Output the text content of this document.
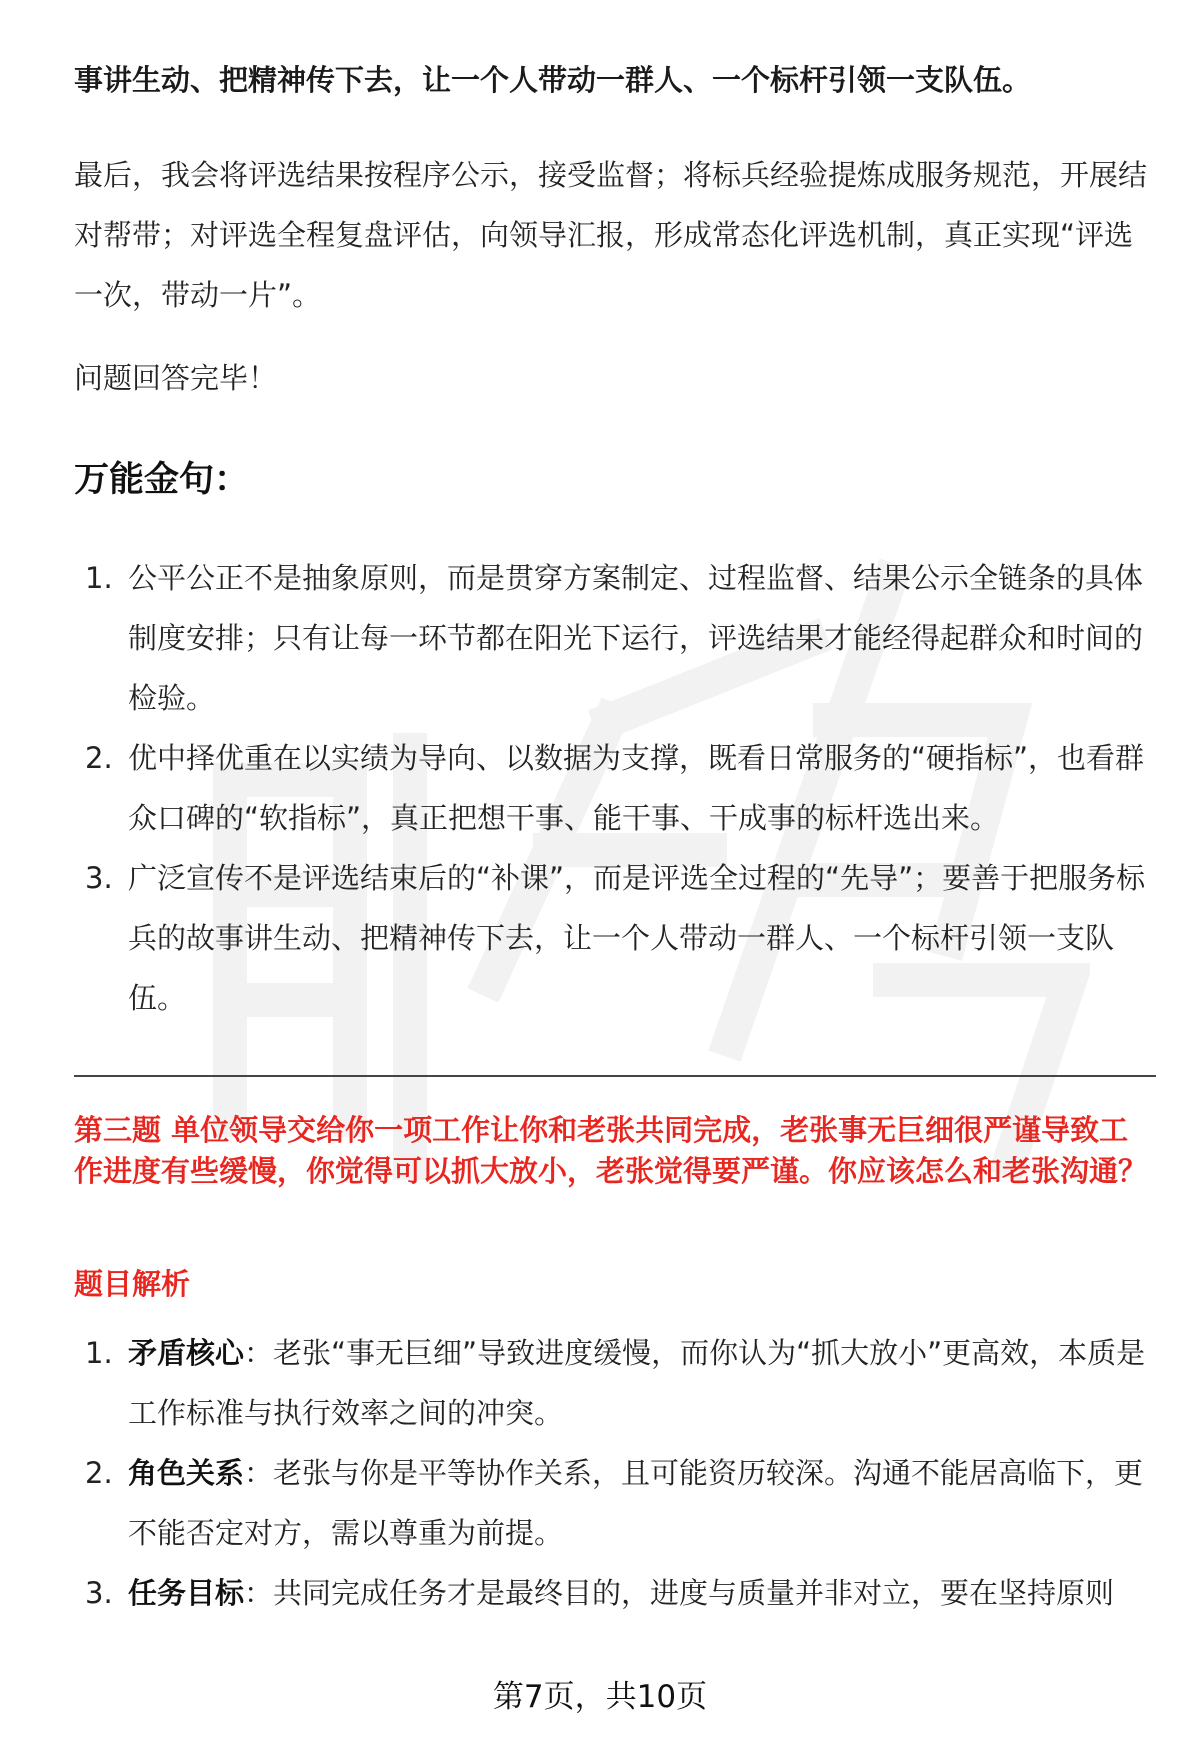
事讲生动、把精神传下去，让一个人带动一群人、一个标杆引领一支队伍。
最后，我会将评选结果按程序公示，接受监督；将标兵经验提炼成服务规范，开展结对帮带；对评选全程复盘评估，向领导汇报，形成常态化评选机制，真正实现“评选一次，带动一片”。
问题回答完毕！
万能金句：
1. 公平公正不是抽象原则，而是贯穿方案制定、过程监督、结果公示全链条的具体制度安排；只有让每一环节都在阳光下运行，评选结果才能经得起群众和时间的检验。
2. 优中择优重在以实绩为导向、以数据为支撑，既看日常服务的“硬指标”，也看群众口碑的“软指标”，真正把想干事、能干事、干成事的标杆选出来。
3. 广泛宣传不是评选结束后的“补课”，而是评选全过程的“先导”；要善于把服务标兵的故事讲生动、把精神传下去，让一个人带动一群人、一个标杆引领一支队伍。
第三题 单位领导交给你一项工作让你和老张共同完成，老张事无巨细很严谨导致工作进度有些缓慢，你觉得可以抓大放小，老张觉得要严谨。你应该怎么和老张沟通？
题目解析
1. 矛盾核心：老张“事无巨细”导致进度缓慢，而你认为“抓大放小”更高效，本质是工作标准与执行效率之间的冲突。
2. 角色关系：老张与你是平等协作关系，且可能资历较深。沟通不能居高临下，更不能否定对方，需以尊重为前提。
3. 任务目标：共同完成任务才是最终目的，进度与质量并非对立，要在坚持原则
第7页，共10页
